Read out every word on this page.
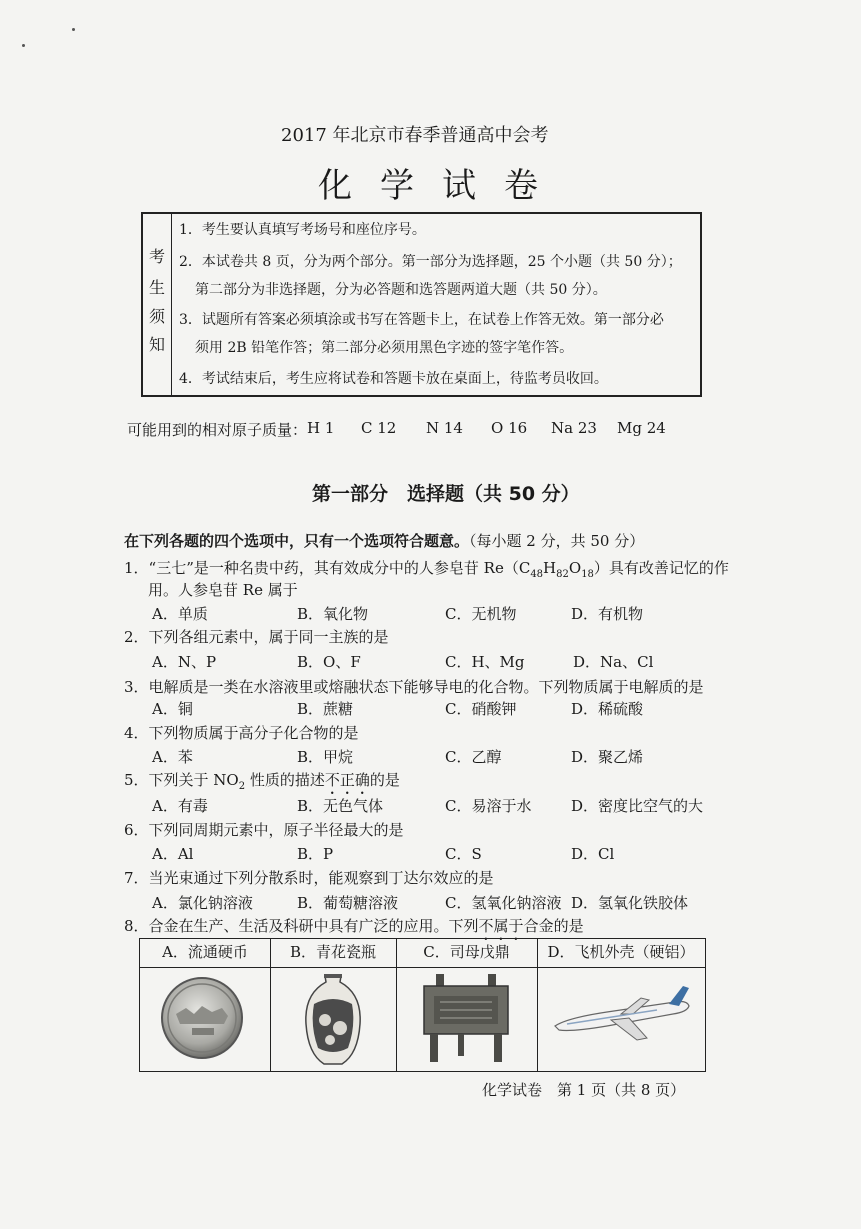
2017 年北京市春季普通高中会考
化学试卷
考
生
须
知
1．考生要认真填写考场号和座位序号。
2．本试卷共 8 页，分为两个部分。第一部分为选择题，25 个小题（共 50 分）；
第二部分为非选择题，分为必答题和选答题两道大题（共 50 分）。
3．试题所有答案必须填涂或书写在答题卡上，在试卷上作答无效。第一部分必
须用 2B 铅笔作答；第二部分必须用黑色字迹的签字笔作答。
4．考试结束后，考生应将试卷和答题卡放在桌面上，待监考员收回。
可能用到的相对原子质量： H 1 C 12 N 14 O 16 Na 23 Mg 24
第一部分　选择题（共 50 分）
在下列各题的四个选项中，只有一个选项符合题意。（每小题 2 分，共 50 分）
1．“三七”是一种名贵中药，其有效成分中的人参皂苷 $Re(C_{48}H_{82}O_{18})$具有改善记忆的作
用。人参皂苷 Re 属于
A．单质	B．氧化物	C．无机物	D．有机物
2．下列各组元素中，属于同一主族的是
A．N、P	B．O、F	C．H、Mg	D．Na、Cl
3．电解质是一类在水溶液里或熔融状态下能够导电的化合物。下列物质属于电解质的是
A．铜	B．蔗糖	C．硝酸钾	D．稀硫酸
4．下列物质属于高分子化合物的是
A．苯	B．甲烷	C．乙醇	D．聚乙烯
5．下列关于 $NO_2$ 性质的描述不正确的是
A．有毒	B．无色气体	C．易溶于水	D．密度比空气的大
6．下列同周期元素中，原子半径最大的是
A．Al	B．P	C．S	D．Cl
7．当光束通过下列分散系时，能观察到丁达尔效应的是
A．氯化钠溶液	B．葡萄糖溶液	C．氢氧化钠溶液 D．氢氧化铁胶体
8．合金在生产、生活及科研中具有广泛的应用。下列不属于合金的是
A．流通硬币	B．青花瓷瓶	C．司母戊鼎	D．飞机外壳（硬铝）
化学试卷　第 1 页（共 8 页）
